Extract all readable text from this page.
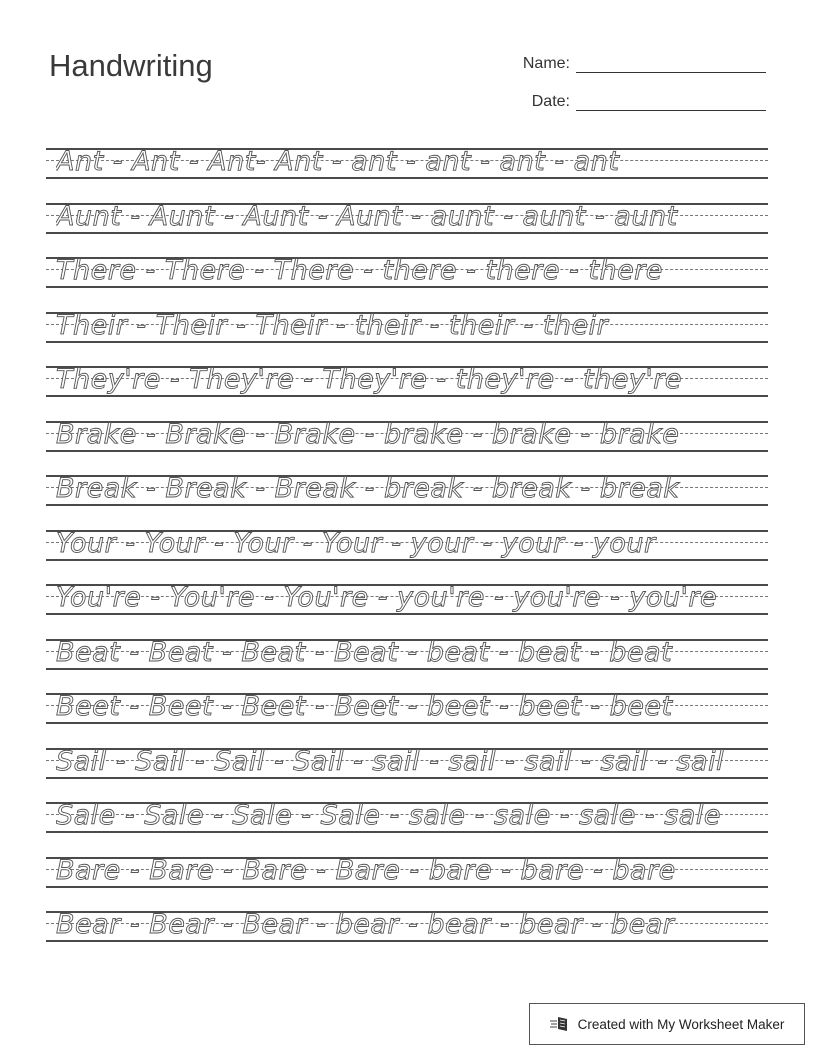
Handwriting	Name:
Date:
Ant - Ant - Ant- Ant - ant - ant - ant - ant
Aunt - Aunt - Aunt - Aunt - aunt - aunt - aunt
There - There - There - there - there - there
Their - Their - Their - their - their - their
They're - They're - They're - they're - they're
Brake - Brake - Brake - brake - brake - brake
Break - Break - Break - break - break - break
Your - Your - Your - Your - your - your - your
You're - You're - You're - you're - you're - you're
Beat - Beat - Beat - Beat - beat - beat - beat
Beet - Beet - Beet - Beet - beet - beet - beet
Sail - Sail - Sail - Sail - sail - sail - sail - sail - sail
Sale - Sale - Sale - Sale - sale - sale - sale - sale
Bare - Bare - Bare - Bare - bare - bare - bare
Bear - Bear - Bear - bear - bear - bear - bear
Created with My Worksheet Maker
